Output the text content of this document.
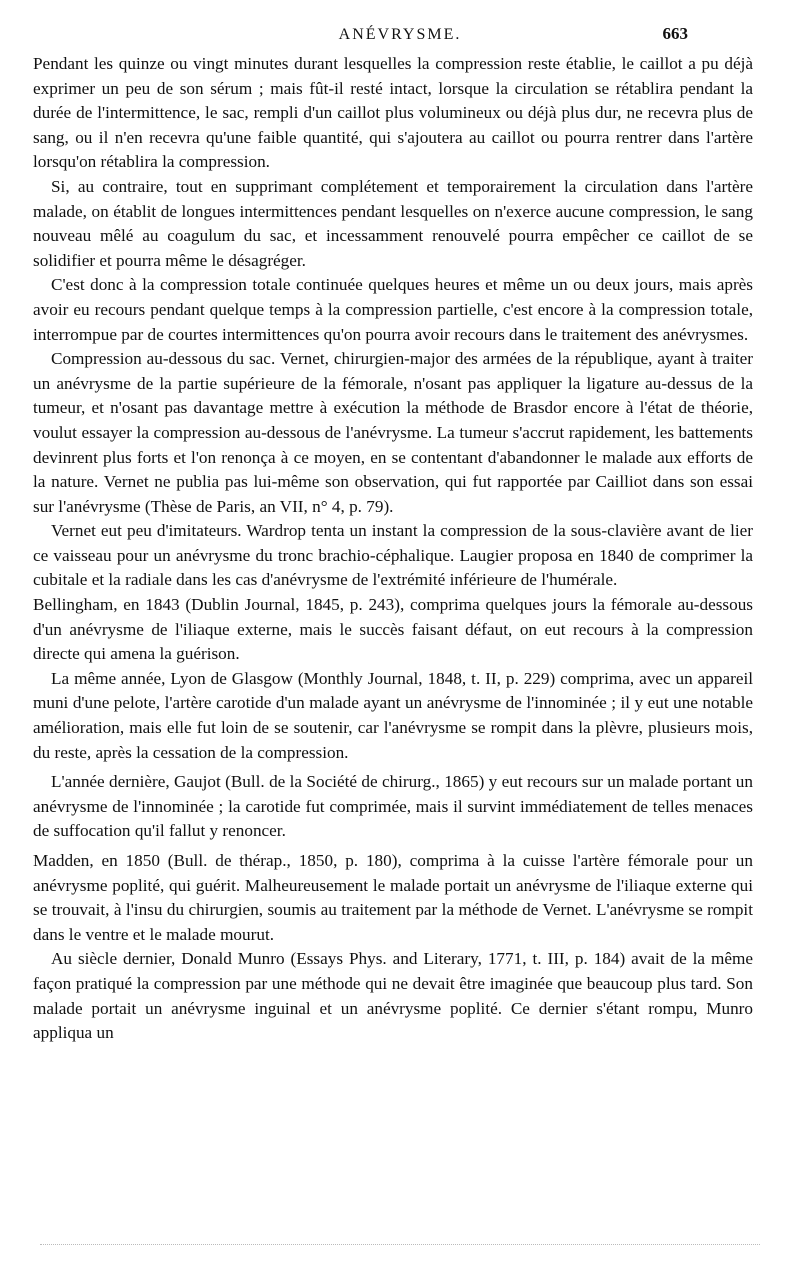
ANÉVRYSME.	663

Pendant les quinze ou vingt minutes durant lesquelles la compression reste établie, le caillot a pu déjà exprimer un peu de son sérum ; mais fût-il resté intact, lorsque la circulation se rétablira pendant la durée de l'intermittence, le sac, rempli d'un caillot plus volumineux ou déjà plus dur, ne recevra plus de sang, ou il n'en recevra qu'une faible quantité, qui s'ajoutera au caillot ou pourra rentrer dans l'artère lorsqu'on rétablira la compression.

Si, au contraire, tout en supprimant complétement et temporairement la circulation dans l'artère malade, on établit de longues intermittences pendant lesquelles on n'exerce aucune compression, le sang nouveau mêlé au coagulum du sac, et incessamment renouvelé pourra empêcher ce caillot de se solidifier et pourra même le désagréger.

C'est donc à la compression totale continuée quelques heures et même un ou deux jours, mais après avoir eu recours pendant quelque temps à la compression partielle, c'est encore à la compression totale, interrompue par de courtes intermittences qu'on pourra avoir recours dans le traitement des anévrysmes.

Compression au-dessous du sac. Vernet, chirurgien-major des armées de la république, ayant à traiter un anévrysme de la partie supérieure de la fémorale, n'osant pas appliquer la ligature au-dessus de la tumeur, et n'osant pas davantage mettre à exécution la méthode de Brasdor encore à l'état de théorie, voulut essayer la compression au-dessous de l'anévrysme. La tumeur s'accrut rapidement, les battements devinrent plus forts et l'on renonça à ce moyen, en se contentant d'abandonner le malade aux efforts de la nature. Vernet ne publia pas lui-même son observation, qui fut rapportée par Cailliot dans son essai sur l'anévrysme (Thèse de Paris, an VII, n° 4, p. 79).

Vernet eut peu d'imitateurs. Wardrop tenta un instant la compression de la sous-clavière avant de lier ce vaisseau pour un anévrysme du tronc brachio-céphalique. Laugier proposa en 1840 de comprimer la cubitale et la radiale dans les cas d'anévrysme de l'extrémité inférieure de l'humérale.

Bellingham, en 1843 (Dublin Journal, 1845, p. 243), comprima quelques jours la fémorale au-dessous d'un anévrysme de l'iliaque externe, mais le succès faisant défaut, on eut recours à la compression directe qui amena la guérison.

La même année, Lyon de Glasgow (Monthly Journal, 1848, t. II, p. 229) comprima, avec un appareil muni d'une pelote, l'artère carotide d'un malade ayant un anévrysme de l'innominée ; il y eut une notable amélioration, mais elle fut loin de se soutenir, car l'anévrysme se rompit dans la plèvre, plusieurs mois, du reste, après la cessation de la compression.

L'année dernière, Gaujot (Bull. de la Société de chirurg., 1865) y eut recours sur un malade portant un anévrysme de l'innominée ; la carotide fut comprimée, mais il survint immédiatement de telles menaces de suffocation qu'il fallut y renoncer.

Madden, en 1850 (Bull. de thérap., 1850, p. 180), comprima à la cuisse l'artère fémorale pour un anévrysme poplité, qui guérit. Malheureusement le malade portait un anévrysme de l'iliaque externe qui se trouvait, à l'insu du chirurgien, soumis au traitement par la méthode de Vernet. L'anévrysme se rompit dans le ventre et le malade mourut.

Au siècle dernier, Donald Munro (Essays Phys. and Literary, 1771, t. III, p. 184) avait de la même façon pratiqué la compression par une méthode qui ne devait être imaginée que beaucoup plus tard. Son malade portait un anévrysme inguinal et un anévrysme poplité. Ce dernier s'étant rompu, Munro appliqua un
